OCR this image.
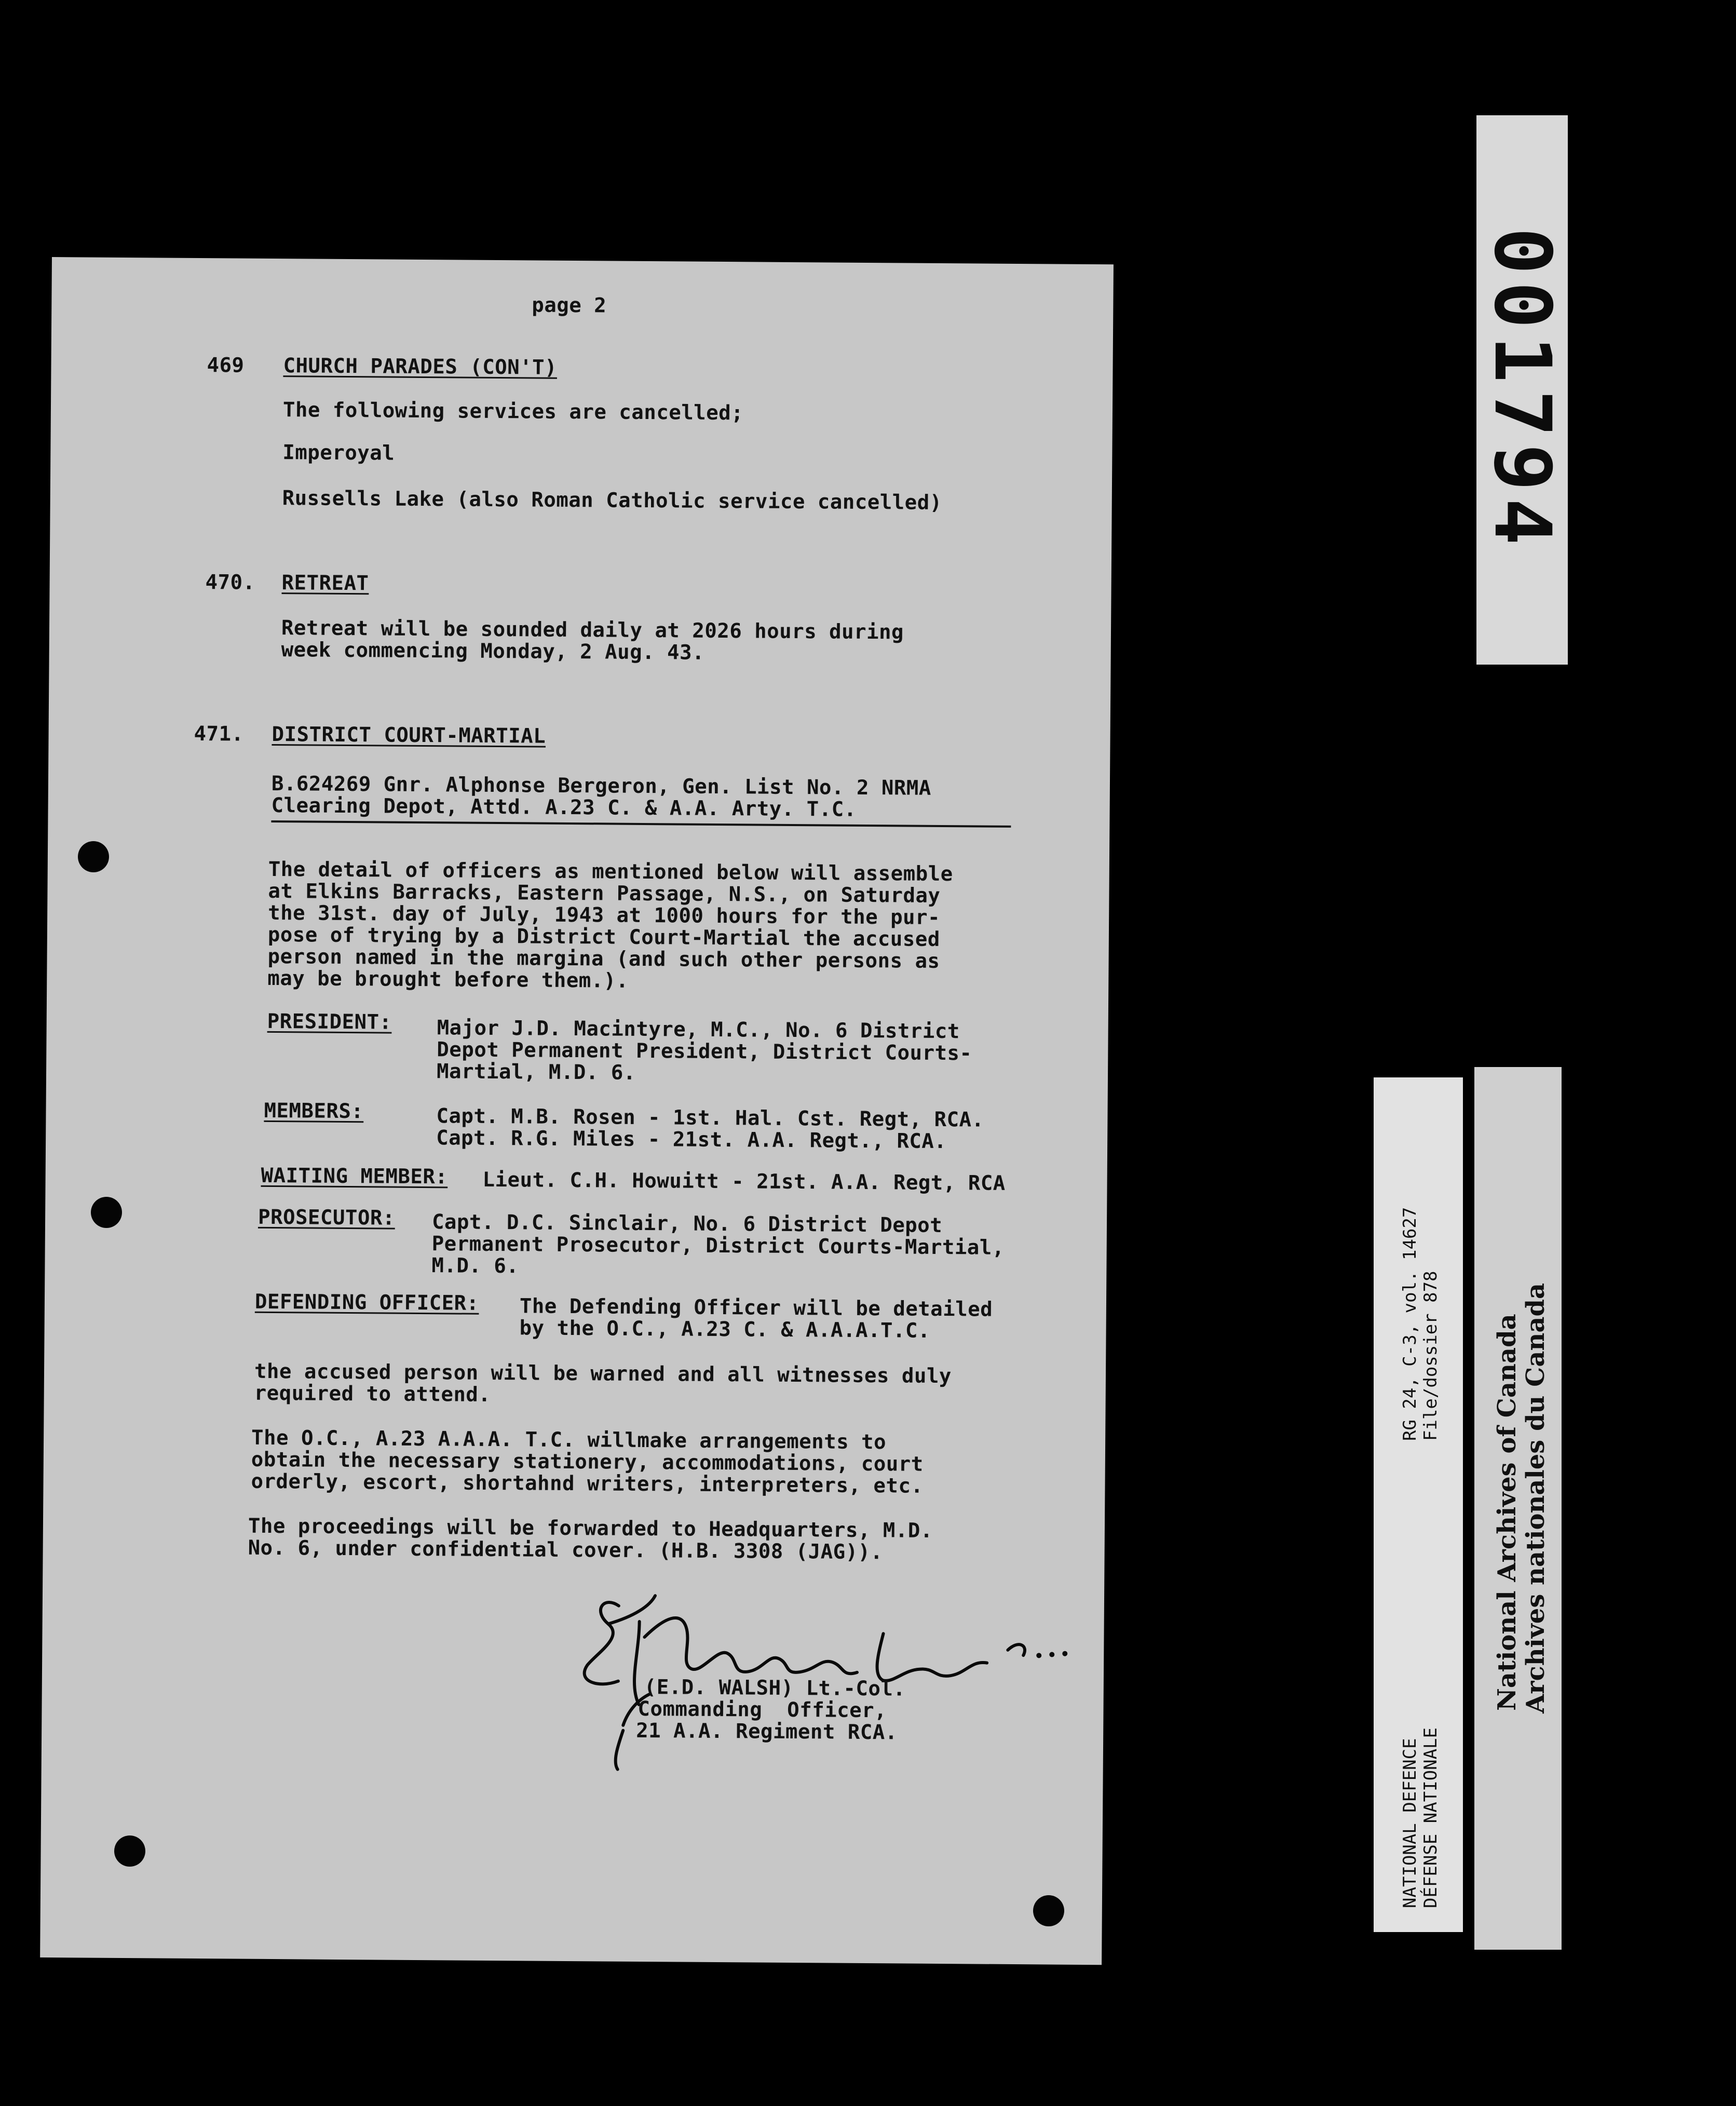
page 2

469 CHURCH PARADES (CON'T)

The following services are cancelled;

Imperoyal

Russells Lake (also Roman Catholic service cancelled)

470. RETREAT

Retreat will be sounded daily at 2026 hours during

week commencing Monday, 2 Aug. 43.

471. DISTRICT COURT-MARTIAL

B.624269 Gnr. Alphonse Bergeron, Gen. List No. 2 NRMA

Clearing Depot, Attd. A.23 C. & A.A. Arty. T.C.

The detail of officers as mentioned below will assemble

at Elkins Barracks, Eastern Passage, N.S., on Saturday

the 31st. day of July, 1943 at 1000 hours for the pur-

pose of trying by a District Court-Martial the accused

person named in the margina (and such other persons as

may be brought before them.).

PRESIDENT: Major J.D. Macintyre, M.C., No. 6 District

Depot Permanent President, District Courts-

Martial, M.D. 6.

MEMBERS:	Capt. M.B. Rosen - 1st. Hal. Cst. Regt, RCA.

Capt. R.G. Miles - 21st. A.A. Regt., RCA.

WAITING MEMBER: Lieut. C.H. Howuitt - 21st. A.A. Regt, RCA

PROSECUTOR: Capt. D.C. Sinclair, No. 6 District Depot

Permanent Prosecutor, District Courts-Martial,

M.D. 6.

DEFENDING OFFICER: The Defending Officer will be detailed

by the O.C., A.23 C. & A.A.A.T.C.

the accused person will be warned and all witnesses duly

required to attend.

The O.C., A.23 A.A.A. T.C. willmake arrangements to

obtain the necessary stationery, accommodations, court

orderly, escort, shortahnd writers, interpreters, etc.

The proceedings will be forwarded to Headquarters, M.D.

No. 6, under confidential cover. (H.B. 3308 (JAG)).

(E.D. WALSH) Lt.-Col.

Commanding  Officer,

21 A.A. Regiment RCA.

001794
RG 24, C-3, vol. 14627 File/dossier 878
NATIONAL DEFENCE DÉFENSE NATIONALE
National Archives of Canada Archives nationales du Canada
